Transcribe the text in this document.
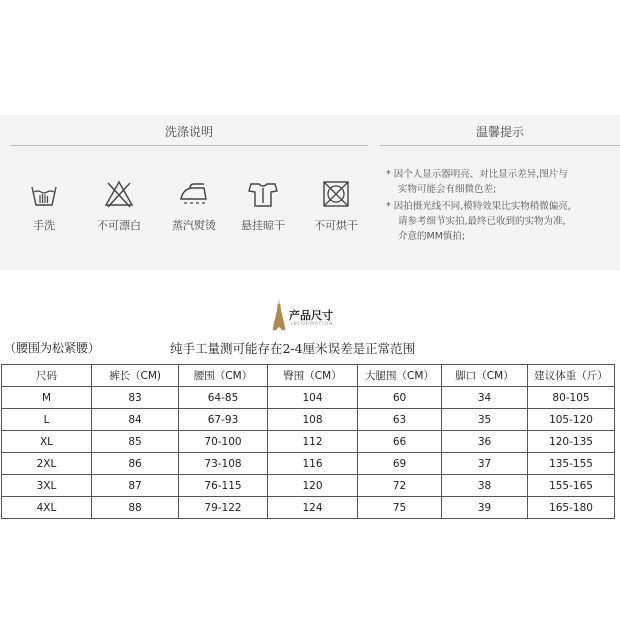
洗涤说明
手洗	不可漂白	蒸汽熨烫	悬挂晾干	不可烘干
温馨提示
* 因个人显示器明亮、对比显示差异,图片与
实物可能会有细微色差;
* 因拍摄光线不同,模特效果比实物稍微偏亮,
请参考细节实拍,最终已收到的实物为准,
介意的MM慎拍;
产品尺寸
INFORMATION
（腰围为松紧腰）	纯手工量测可能存在2-4厘米误差是正常范围
尺码	裤长（CM)	腰围（CM）	臀围（CM）	大腿围（CM）	脚口（CM）	建议体重（斤）
M	83	64-85	104	60	34	80-105
L	84	67-93	108	63	35	105-120
XL	85	70-100	112	66	36	120-135
2XL	86	73-108	116	69	37	135-155
3XL	87	76-115	120	72	38	155-165
4XL	88	79-122	124	75	39	165-180
